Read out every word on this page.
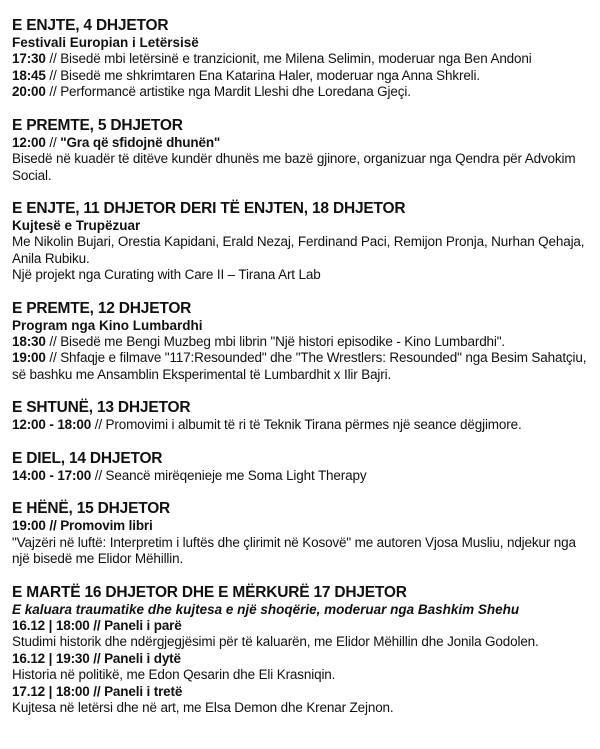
E ENJTE, 4 DHJETOR
Festivali Europian i Letërsisë
17:30 // Bisedë mbi letërsinë e tranzicionit, me Milena Selimin, moderuar nga Ben Andoni
18:45 // Bisedë me shkrimtaren Ena Katarina Haler, moderuar nga Anna Shkreli.
20:00 // Performancë artistike nga Mardit Lleshi dhe Loredana Gjeçi.
E PREMTE, 5 DHJETOR
12:00 // "Gra që sfidojnë dhunën"
Bisedë në kuadër të ditëve kundër dhunës me bazë gjinore, organizuar nga Qendra për Advokim Social.
E ENJTE, 11 DHJETOR DERI TË ENJTEN, 18 DHJETOR
Kujtesë e Trupëzuar
Me Nikolin Bujari, Orestia Kapidani, Erald Nezaj, Ferdinand Paci, Remijon Pronja, Nurhan Qehaja, Anila Rubiku.
Një projekt nga Curating with Care II – Tirana Art Lab
E PREMTE, 12 DHJETOR
Program nga Kino Lumbardhi
18:30 // Bisedë me Bengi Muzbeg mbi librin "Një histori episodike - Kino Lumbardhi".
19:00 // Shfaqje e filmave "117:Resounded" dhe "The Wrestlers: Resounded" nga Besim Sahatçiu, së bashku me Ansamblin Eksperimental të Lumbardhit x Ilir Bajri.
E SHTUNË, 13 DHJETOR
12:00 - 18:00 // Promovimi i albumit të ri të Teknik Tirana përmes një seance dëgjimore.
E DIEL, 14 DHJETOR
14:00 - 17:00 // Seancë mirëqenieje me Soma Light Therapy
E HËNË, 15 DHJETOR
19:00 // Promovim libri
"Vajzëri në luftë: Interpretim i luftës dhe çlirimit në Kosovë" me autoren Vjosa Musliu, ndjekur nga një bisedë me Elidor Mëhillin.
E MARTË 16 DHJETOR DHE E MËRKURË 17 DHJETOR
E kaluara traumatike dhe kujtesa e një shoqërie, moderuar nga Bashkim Shehu
16.12 | 18:00 // Paneli i parë
Studimi historik dhe ndërgjegjësimi për të kaluarën, me Elidor Mëhillin dhe Jonila Godolen.
16.12 | 19:30 // Paneli i dytë
Historia në politikë, me Edon Qesarin dhe Eli Krasniqin.
17.12 | 18:00 // Paneli i tretë
Kujtesa në letërsi dhe në art, me Elsa Demon dhe Krenar Zejnon.
